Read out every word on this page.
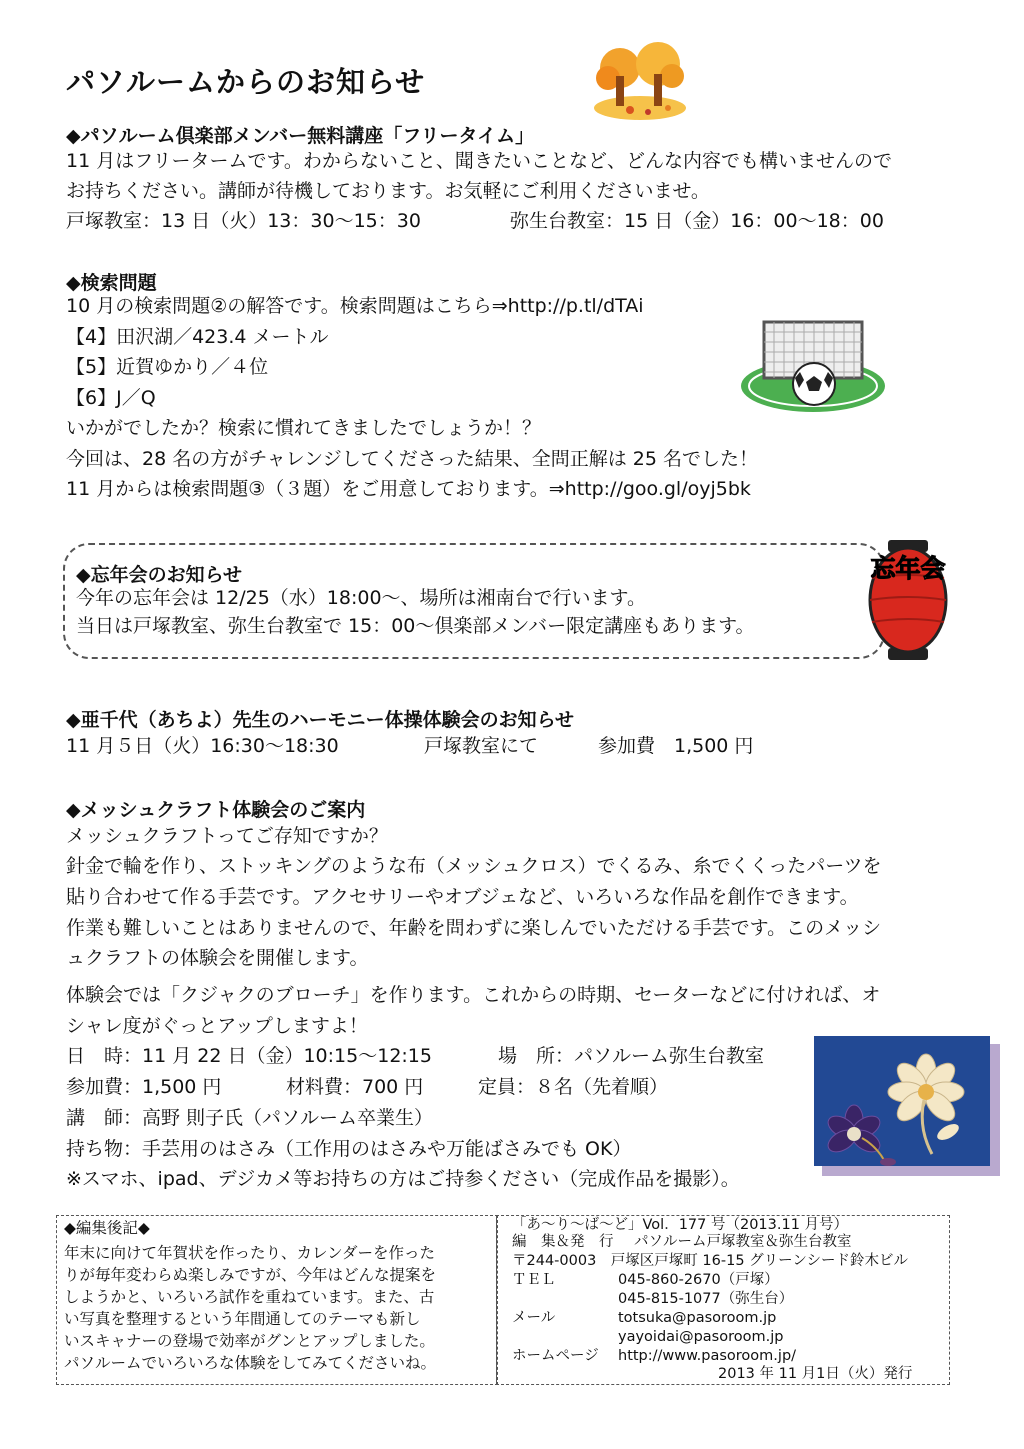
パソルームからのお知らせ
◆パソルーム倶楽部メンバー無料講座「フリータイム」
11 月はフリータームです。わからないこと、聞きたいことなど、どんな内容でも構いませんので
お持ちください。講師が待機しております。お気軽にご利用くださいませ。
戸塚教室：13 日（火）13：30～15：30	弥生台教室：15 日（金）16：00～18：00
◆検索問題
10 月の検索問題②の解答です。検索問題はこちら⇒http://p.tl/dTAi
【4】田沢湖／423.4 メートル
【5】近賀ゆかり／４位
【6】J／Q
いかがでしたか？検索に慣れてきましたでしょうか！？
今回は、28 名の方がチャレンジしてくださった結果、全問正解は 25 名でした！
11 月からは検索問題③（３題）をご用意しております。⇒http://goo.gl/oyj5bk
◆忘年会のお知らせ
今年の忘年会は 12/25（水）18:00～、場所は湘南台で行います。
当日は戸塚教室、弥生台教室で 15：00～倶楽部メンバー限定講座もあります。
忘年会
◆亜千代（あちよ）先生のハーモニー体操体験会のお知らせ
11 月５日（火）16:30～18:30	戸塚教室にて	参加費　1,500 円
◆メッシュクラフト体験会のご案内
メッシュクラフトってご存知ですか？
針金で輪を作り、ストッキングのような布（メッシュクロス）でくるみ、糸でくくったパーツを
貼り合わせて作る手芸です。アクセサリーやオブジェなど、いろいろな作品を創作できます。
作業も難しいことはありませんので、年齢を問わずに楽しんでいただける手芸です。このメッシ
ュクラフトの体験会を開催します。
体験会では「クジャクのブローチ」を作ります。これからの時期、セーターなどに付ければ、オ
シャレ度がぐっとアップしますよ！
日　時：11 月 22 日（金）10:15～12:15	場　所：パソルーム弥生台教室
参加費：1,500 円	材料費：700 円	定員：８名（先着順）
講　師：高野 則子氏（パソルーム卒業生）
持ち物：手芸用のはさみ（工作用のはさみや万能ばさみでも OK）
※スマホ、ipad、デジカメ等お持ちの方はご持参ください（完成作品を撮影）。
◆編集後記◆
年末に向けて年賀状を作ったり、カレンダーを作った
りが毎年変わらぬ楽しみですが、今年はどんな提案を
しようかと、いろいろ試作を重ねています。また、古
い写真を整理するという年間通してのテーマも新し
いスキャナーの登場で効率がグンとアップしました。
パソルームでいろいろな体験をしてみてくださいね。
「あ～り～ば～ど」Vol．177 号（2013.11 月号）
編　集＆発　行 パソルーム戸塚教室＆弥生台教室
〒244-0003　戸塚区戸塚町 16-15 グリーンシード鈴木ビル
ＴＥＬ	045-860-2670（戸塚）
045-815-1077（弥生台）
メール	totsuka@pasoroom.jp
yayoidai@pasoroom.jp
ホームページ http://www.pasoroom.jp/
2013 年 11 月1日（火）発行
